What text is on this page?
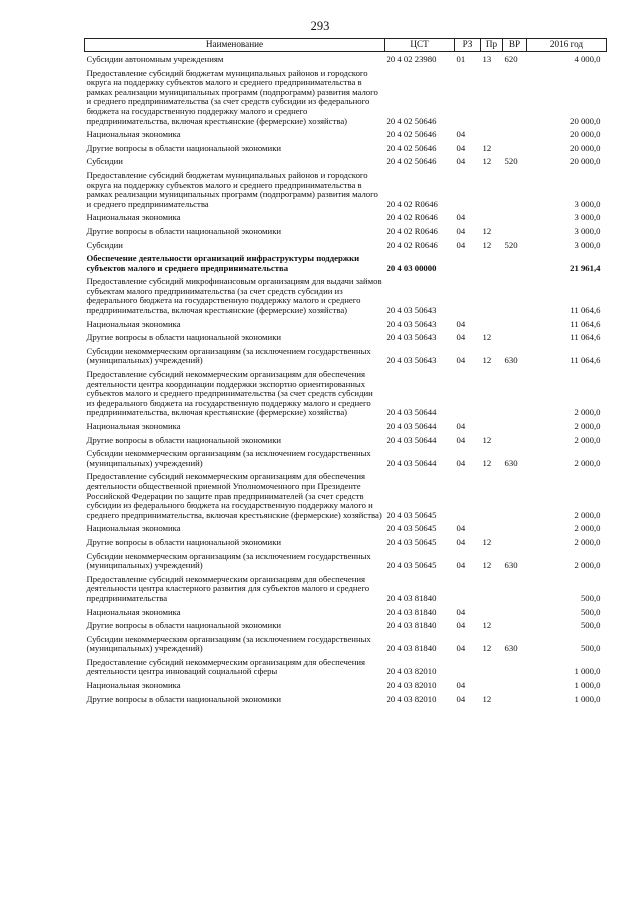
293
Наименование	ЦСТ	РЗ	Пр	ВР	2016 год
Субсидии автономным учреждениям	20 4 02 23980	01	13	620	4 000,0
Предоставление субсидий бюджетам муниципальных районов и городского округа на поддержку субъектов малого и среднего предпринимательства в рамках реализации муниципальных программ (подпрограмм) развития малого и среднего предпринимательства (за счет средств субсидии из федерального бюджета на государственную поддержку малого и среднего предпринимательства, включая крестьянские (фермерские) хозяйства)	20 4 02 50646				20 000,0
Национальная экономика	20 4 02 50646	04			20 000,0
Другие вопросы в области национальной экономики	20 4 02 50646	04	12		20 000,0
Субсидии	20 4 02 50646	04	12	520	20 000,0
Предоставление субсидий бюджетам муниципальных районов и городского округа на поддержку субъектов малого и среднего предпринимательства в рамках реализации муниципальных программ (подпрограмм) развития малого и среднего предпринимательства	20 4 02 R0646				3 000,0
Национальная экономика	20 4 02 R0646	04			3 000,0
Другие вопросы в области национальной экономики	20 4 02 R0646	04	12		3 000,0
Субсидии	20 4 02 R0646	04	12	520	3 000,0
Обеспечение деятельности организаций инфраструктуры поддержки субъектов малого и среднего предпринимательства	20 4 03 00000				21 961,4
Предоставление субсидий микрофинансовым организациям для выдачи займов субъектам малого предпринимательства (за счет средств субсидии из федерального бюджета на государственную поддержку малого и среднего предпринимательства, включая крестьянские (фермерские) хозяйства)	20 4 03 50643				11 064,6
Национальная экономика	20 4 03 50643	04			11 064,6
Другие вопросы в области национальной экономики	20 4 03 50643	04	12		11 064,6
Субсидии некоммерческим организациям (за исключением государственных (муниципальных) учреждений)	20 4 03 50643	04	12	630	11 064,6
Предоставление субсидий некоммерческим организациям для обеспечения деятельности центра координации поддержки экспортно ориентированных субъектов малого и среднего предпринимательства (за счет средств субсидии из федерального бюджета на государственную поддержку малого и среднего предпринимательства, включая крестьянские (фермерские) хозяйства)	20 4 03 50644				2 000,0
Национальная экономика	20 4 03 50644	04			2 000,0
Другие вопросы в области национальной экономики	20 4 03 50644	04	12		2 000,0
Субсидии некоммерческим организациям (за исключением государственных (муниципальных) учреждений)	20 4 03 50644	04	12	630	2 000,0
Предоставление субсидий некоммерческим организациям для обеспечения деятельности общественной приемной Уполномоченного при Президенте Российской Федерации по защите прав предпринимателей (за счет средств субсидии из федерального бюджета на государственную поддержку малого и среднего предпринимательства, включая крестьянские (фермерские) хозяйства)	20 4 03 50645				2 000,0
Национальная экономика	20 4 03 50645	04			2 000,0
Другие вопросы в области национальной экономики	20 4 03 50645	04	12		2 000,0
Субсидии некоммерческим организациям (за исключением государственных (муниципальных) учреждений)	20 4 03 50645	04	12	630	2 000,0
Предоставление субсидий некоммерческим организациям для обеспечения деятельности центра кластерного развития для субъектов малого и среднего предпринимательства	20 4 03 81840				500,0
Национальная экономика	20 4 03 81840	04			500,0
Другие вопросы в области национальной экономики	20 4 03 81840	04	12		500,0
Субсидии некоммерческим организациям (за исключением государственных (муниципальных) учреждений)	20 4 03 81840	04	12	630	500,0
Предоставление субсидий некоммерческим организациям для обеспечения деятельности центра инноваций социальной сферы	20 4 03 82010				1 000,0
Национальная экономика	20 4 03 82010	04			1 000,0
Другие вопросы в области национальной экономики	20 4 03 82010	04	12		1 000,0
